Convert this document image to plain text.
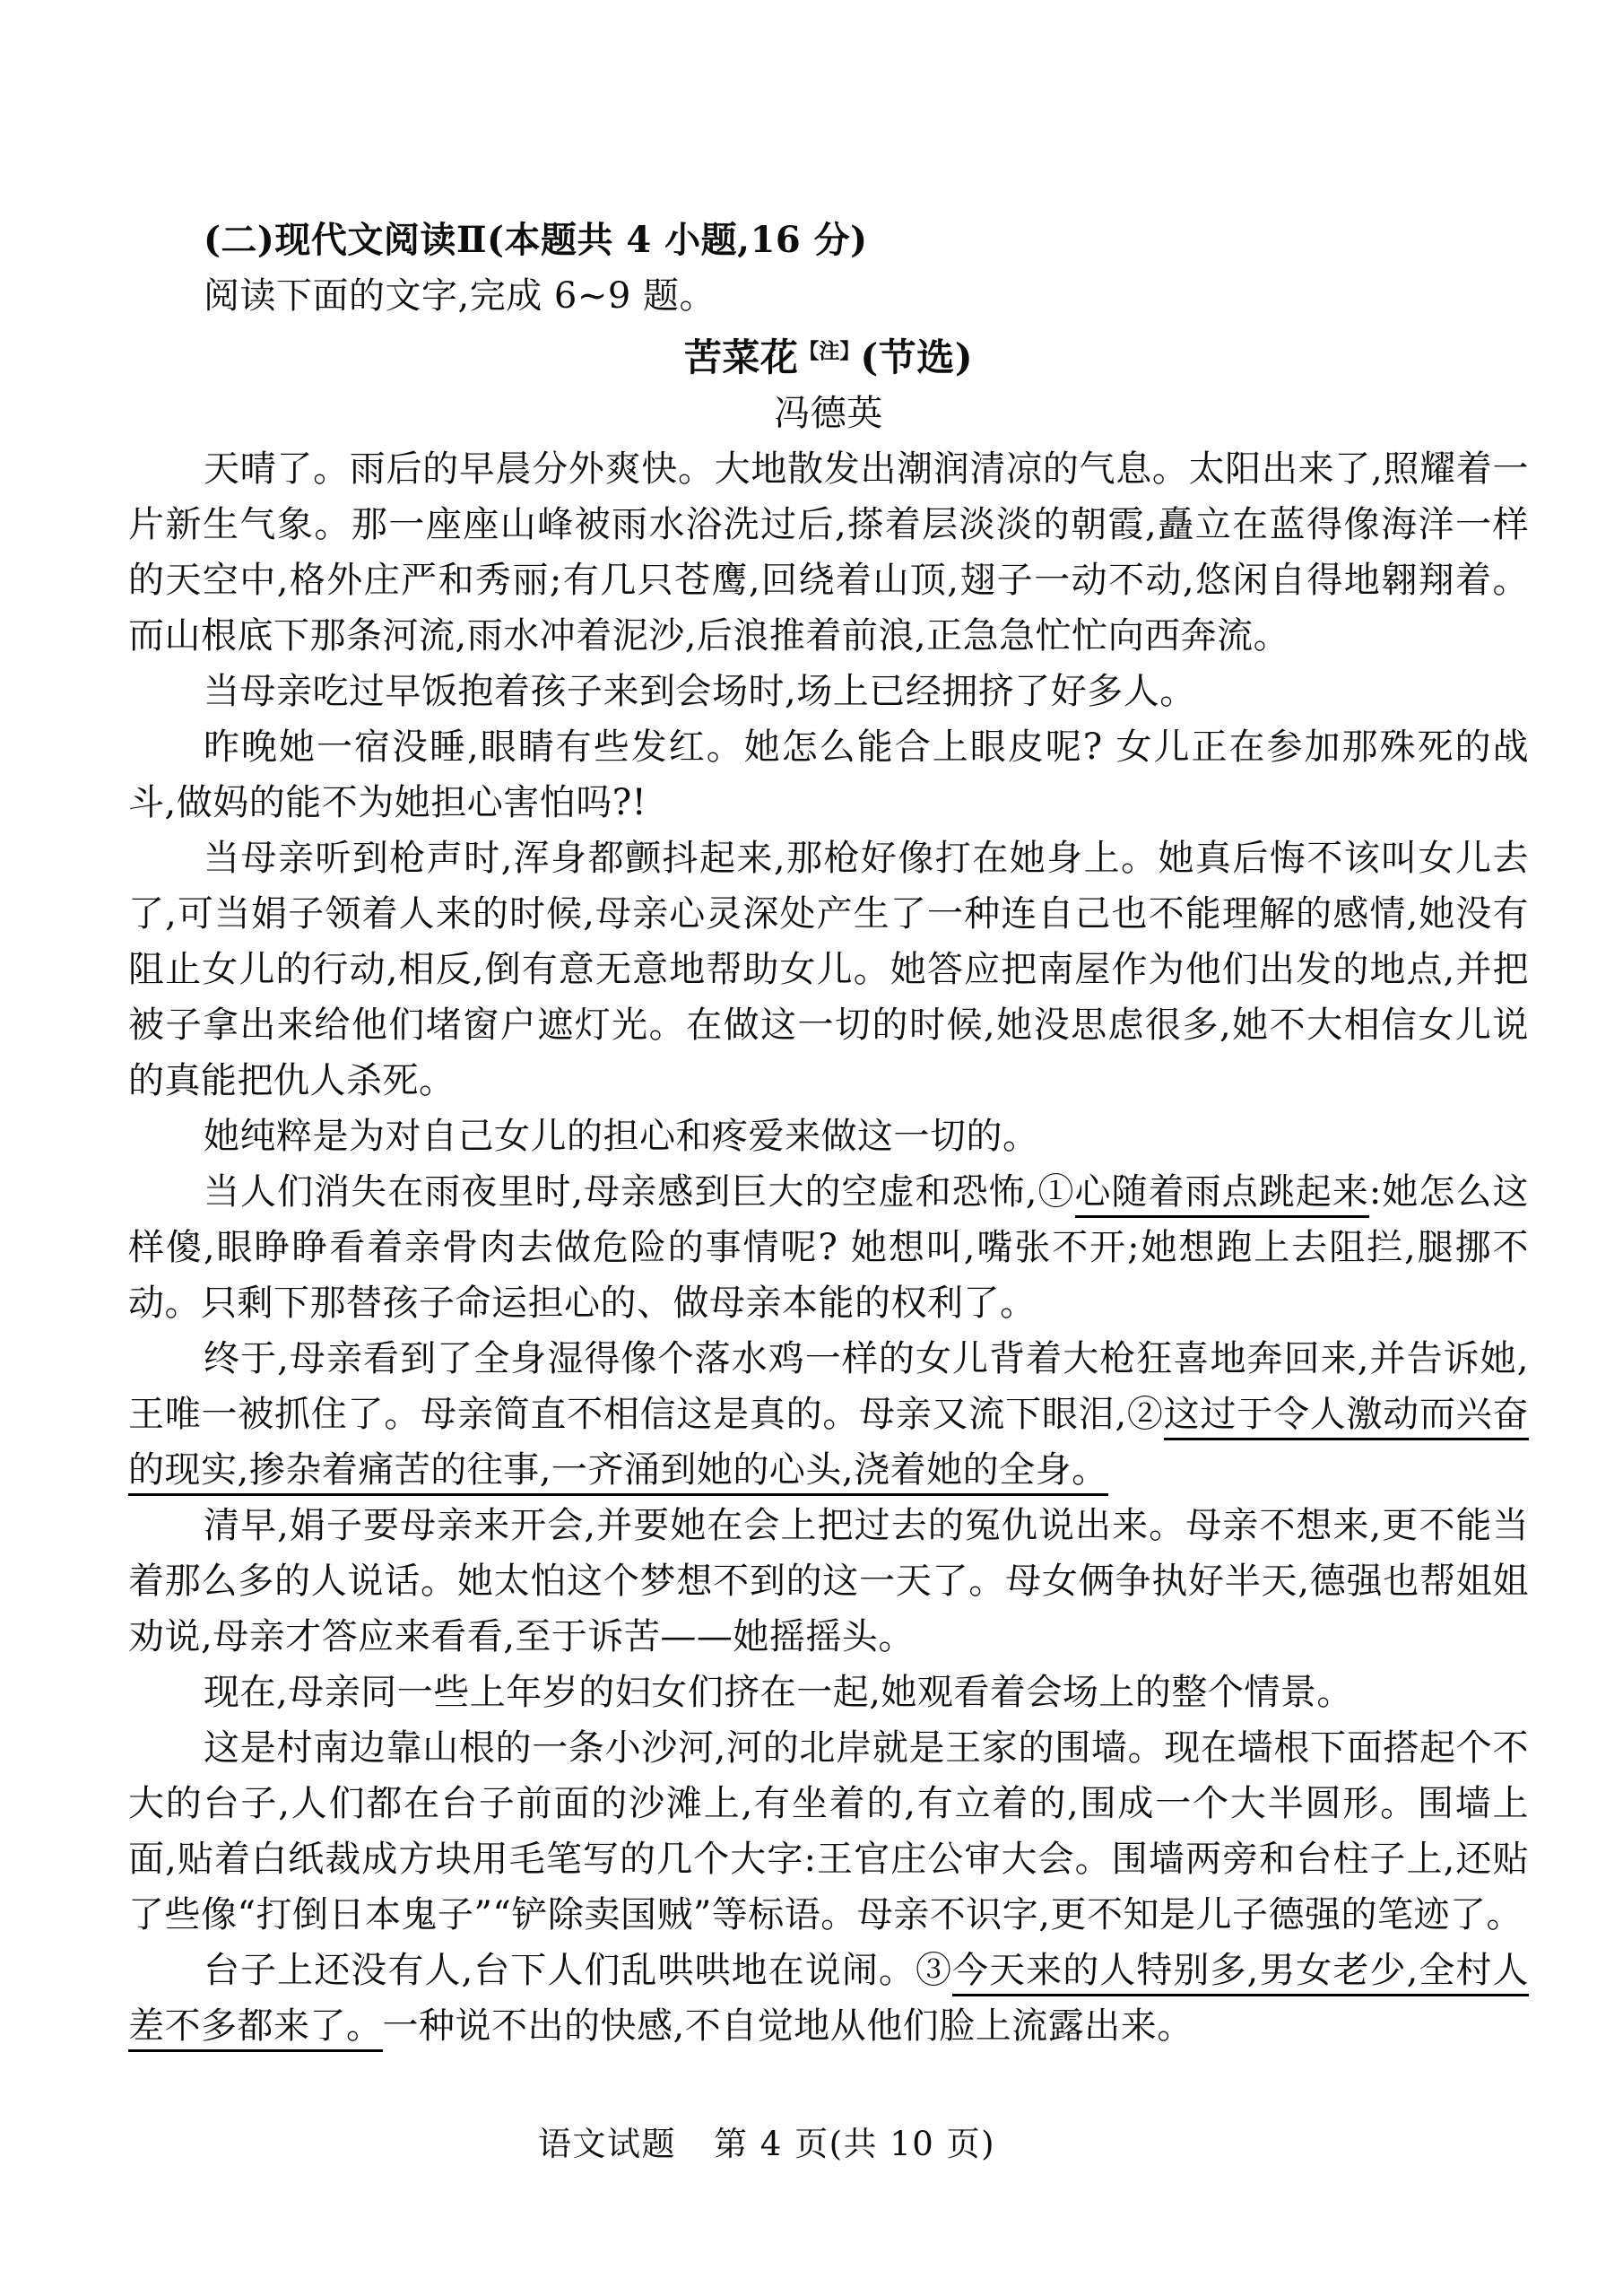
(二)现代文阅读Ⅱ(本题共 4 小题,16 分)
阅读下面的文字,完成 6~9 题。
苦菜花$^{【注】}$(节选)
冯德英

天晴了。雨后的早晨分外爽快。大地散发出潮润清凉的气息。太阳出来了,照耀着一片新生气象。那一座座山峰被雨水浴洗过后,搽着层淡淡的朝霞,矗立在蓝得像海洋一样的天空中,格外庄严和秀丽;有几只苍鹰,回绕着山顶,翅子一动不动,悠闲自得地翱翔着。而山根底下那条河流,雨水冲着泥沙,后浪推着前浪,正急急忙忙向西奔流。

当母亲吃过早饭抱着孩子来到会场时,场上已经拥挤了好多人。

昨晚她一宿没睡,眼睛有些发红。她怎么能合上眼皮呢? 女儿正在参加那殊死的战斗,做妈的能不为她担心害怕吗?!

当母亲听到枪声时,浑身都颤抖起来,那枪好像打在她身上。她真后悔不该叫女儿去了,可当娟子领着人来的时候,母亲心灵深处产生了一种连自己也不能理解的感情,她没有阻止女儿的行动,相反,倒有意无意地帮助女儿。她答应把南屋作为他们出发的地点,并把被子拿出来给他们堵窗户遮灯光。在做这一切的时候,她没思虑很多,她不大相信女儿说的真能把仇人杀死。

她纯粹是为对自己女儿的担心和疼爱来做这一切的。

当人们消失在雨夜里时,母亲感到巨大的空虚和恐怖,①心随着雨点跳起来:她怎么这样傻,眼睁睁看着亲骨肉去做危险的事情呢? 她想叫,嘴张不开;她想跑上去阻拦,腿挪不动。只剩下那替孩子命运担心的、做母亲本能的权利了。

终于,母亲看到了全身湿得像个落水鸡一样的女儿背着大枪狂喜地奔回来,并告诉她,王唯一被抓住了。母亲简直不相信这是真的。母亲又流下眼泪,②这过于令人激动而兴奋的现实,掺杂着痛苦的往事,一齐涌到她的心头,浇着她的全身。

清早,娟子要母亲来开会,并要她在会上把过去的冤仇说出来。母亲不想来,更不能当着那么多的人说话。她太怕这个梦想不到的这一天了。母女俩争执好半天,德强也帮姐姐劝说,母亲才答应来看看,至于诉苦——她摇摇头。

现在,母亲同一些上年岁的妇女们挤在一起,她观看着会场上的整个情景。

这是村南边靠山根的一条小沙河,河的北岸就是王家的围墙。现在墙根下面搭起个不大的台子,人们都在台子前面的沙滩上,有坐着的,有立着的,围成一个大半圆形。围墙上面,贴着白纸裁成方块用毛笔写的几个大字:王官庄公审大会。围墙两旁和台柱子上,还贴了些像“打倒日本鬼子”“铲除卖国贼”等标语。母亲不识字,更不知是儿子德强的笔迹了。

台子上还没有人,台下人们乱哄哄地在说闹。③今天来的人特别多,男女老少,全村人差不多都来了。一种说不出的快感,不自觉地从他们脸上流露出来。

语文试题 第 4 页(共 10 页)
